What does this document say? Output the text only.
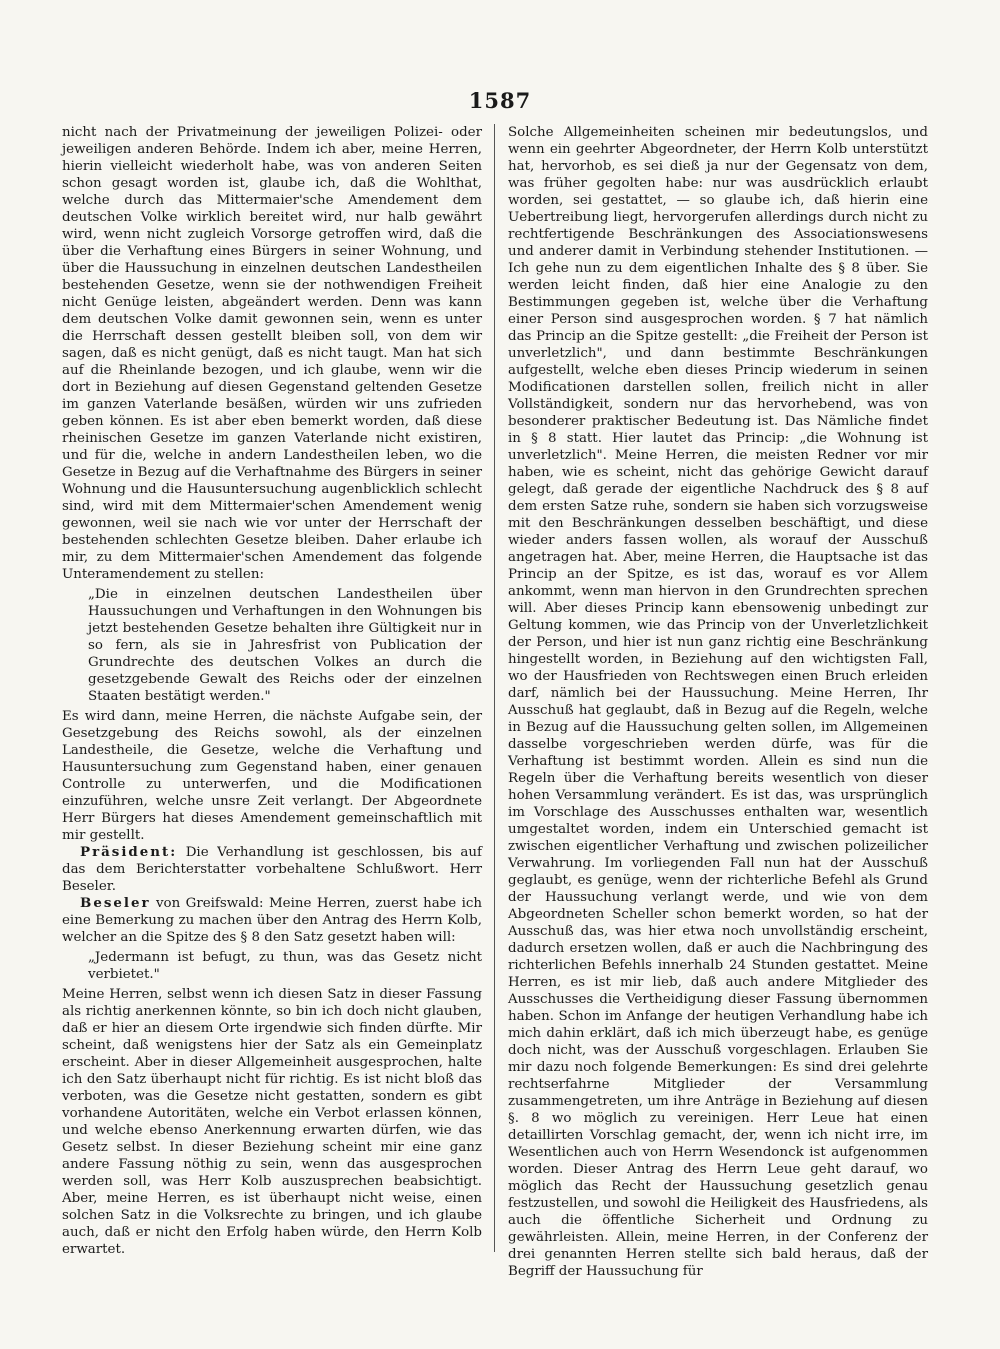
1587

nicht nach der Privatmeinung der jeweiligen Polizei- oder jeweiligen anderen Behörde. Indem ich aber, meine Herren, hierin vielleicht wiederholt habe, was von anderen Seiten schon gesagt worden ist, glaube ich, daß die Wohlthat, welche durch das Mittermaier'sche Amendement dem deutschen Volke wirklich bereitet wird, nur halb gewährt wird, wenn nicht zugleich Vorsorge getroffen wird, daß die über die Verhaftung eines Bürgers in seiner Wohnung, und über die Haussuchung in einzelnen deutschen Landestheilen bestehenden Gesetze, wenn sie der nothwendigen Freiheit nicht Genüge leisten, abgeändert werden. Denn was kann dem deutschen Volke damit gewonnen sein, wenn es unter die Herrschaft dessen gestellt bleiben soll, von dem wir sagen, daß es nicht genügt, daß es nicht taugt. Man hat sich auf die Rheinlande bezogen, und ich glaube, wenn wir die dort in Beziehung auf diesen Gegenstand geltenden Gesetze im ganzen Vaterlande besäßen, würden wir uns zufrieden geben können. Es ist aber eben bemerkt worden, daß diese rheinischen Gesetze im ganzen Vaterlande nicht existiren, und für die, welche in andern Landestheilen leben, wo die Gesetze in Bezug auf die Verhaftnahme des Bürgers in seiner Wohnung und die Hausuntersuchung augenblicklich schlecht sind, wird mit dem Mittermaier'schen Amendement wenig gewonnen, weil sie nach wie vor unter der Herrschaft der bestehenden schlechten Gesetze bleiben. Daher erlaube ich mir, zu dem Mittermaier'schen Amendement das folgende Unteramendement zu stellen:

„Die in einzelnen deutschen Landestheilen über Haussuchungen und Verhaftungen in den Wohnungen bis jetzt bestehenden Gesetze behalten ihre Gültigkeit nur in so fern, als sie in Jahresfrist von Publication der Grundrechte des deutschen Volkes an durch die gesetzgebende Gewalt des Reichs oder der einzelnen Staaten bestätigt werden."

Es wird dann, meine Herren, die nächste Aufgabe sein, der Gesetzgebung des Reichs sowohl, als der einzelnen Landestheile, die Gesetze, welche die Verhaftung und Hausuntersuchung zum Gegenstand haben, einer genauen Controlle zu unterwerfen, und die Modificationen einzuführen, welche unsre Zeit verlangt. Der Abgeordnete Herr Bürgers hat dieses Amendement gemeinschaftlich mit mir gestellt.

Präsident: Die Verhandlung ist geschlossen, bis auf das dem Berichterstatter vorbehaltene Schlußwort. Herr Beseler.

Beseler von Greifswald: Meine Herren, zuerst habe ich eine Bemerkung zu machen über den Antrag des Herrn Kolb, welcher an die Spitze des § 8 den Satz gesetzt haben will:

„Jedermann ist befugt, zu thun, was das Gesetz nicht verbietet."

Meine Herren, selbst wenn ich diesen Satz in dieser Fassung als richtig anerkennen könnte, so bin ich doch nicht glauben, daß er hier an diesem Orte irgendwie sich finden dürfte. Mir scheint, daß wenigstens hier der Satz als ein Gemeinplatz erscheint. Aber in dieser Allgemeinheit ausgesprochen, halte ich den Satz überhaupt nicht für richtig. Es ist nicht bloß das verboten, was die Gesetze nicht gestatten, sondern es gibt vorhandene Autoritäten, welche ein Verbot erlassen können, und welche ebenso Anerkennung erwarten dürfen, wie das Gesetz selbst. In dieser Beziehung scheint mir eine ganz andere Fassung nöthig zu sein, wenn das ausgesprochen werden soll, was Herr Kolb auszusprechen beabsichtigt. Aber, meine Herren, es ist überhaupt nicht weise, einen solchen Satz in die Volksrechte zu bringen, und ich glaube auch, daß er nicht den Erfolg haben würde, den Herrn Kolb erwartet.

Solche Allgemeinheiten scheinen mir bedeutungslos, und wenn ein geehrter Abgeordneter, der Herrn Kolb unterstützt hat, hervorhob, es sei dieß ja nur der Gegensatz von dem, was früher gegolten habe: nur was ausdrücklich erlaubt worden, sei gestattet, — so glaube ich, daß hierin eine Uebertreibung liegt, hervorgerufen allerdings durch nicht zu rechtfertigende Beschränkungen des Associationswesens und anderer damit in Verbindung stehender Institutionen. — Ich gehe nun zu dem eigentlichen Inhalte des § 8 über. Sie werden leicht finden, daß hier eine Analogie zu den Bestimmungen gegeben ist, welche über die Verhaftung einer Person sind ausgesprochen worden. § 7 hat nämlich das Princip an die Spitze gestellt: „die Freiheit der Person ist unverletzlich", und dann bestimmte Beschränkungen aufgestellt, welche eben dieses Princip wiederum in seinen Modificationen darstellen sollen, freilich nicht in aller Vollständigkeit, sondern nur das hervorhebend, was von besonderer praktischer Bedeutung ist. Das Nämliche findet in § 8 statt. Hier lautet das Princip: „die Wohnung ist unverletzlich". Meine Herren, die meisten Redner vor mir haben, wie es scheint, nicht das gehörige Gewicht darauf gelegt, daß gerade der eigentliche Nachdruck des § 8 auf dem ersten Satze ruhe, sondern sie haben sich vorzugsweise mit den Beschränkungen desselben beschäftigt, und diese wieder anders fassen wollen, als worauf der Ausschuß angetragen hat. Aber, meine Herren, die Hauptsache ist das Princip an der Spitze, es ist das, worauf es vor Allem ankommt, wenn man hiervon in den Grundrechten sprechen will. Aber dieses Princip kann ebensowenig unbedingt zur Geltung kommen, wie das Princip von der Unverletzlichkeit der Person, und hier ist nun ganz richtig eine Beschränkung hingestellt worden, in Beziehung auf den wichtigsten Fall, wo der Hausfrieden von Rechtswegen einen Bruch erleiden darf, nämlich bei der Haussuchung. Meine Herren, Ihr Ausschuß hat geglaubt, daß in Bezug auf die Regeln, welche in Bezug auf die Haussuchung gelten sollen, im Allgemeinen dasselbe vorgeschrieben werden dürfe, was für die Verhaftung ist bestimmt worden. Allein es sind nun die Regeln über die Verhaftung bereits wesentlich von dieser hohen Versammlung verändert. Es ist das, was ursprünglich im Vorschlage des Ausschusses enthalten war, wesentlich umgestaltet worden, indem ein Unterschied gemacht ist zwischen eigentlicher Verhaftung und zwischen polizeilicher Verwahrung. Im vorliegenden Fall nun hat der Ausschuß geglaubt, es genüge, wenn der richterliche Befehl als Grund der Haussuchung verlangt werde, und wie von dem Abgeordneten Scheller schon bemerkt worden, so hat der Ausschuß das, was hier etwa noch unvollständig erscheint, dadurch ersetzen wollen, daß er auch die Nachbringung des richterlichen Befehls innerhalb 24 Stunden gestattet. Meine Herren, es ist mir lieb, daß auch andere Mitglieder des Ausschusses die Vertheidigung dieser Fassung übernommen haben. Schon im Anfange der heutigen Verhandlung habe ich mich dahin erklärt, daß ich mich überzeugt habe, es genüge doch nicht, was der Ausschuß vorgeschlagen. Erlauben Sie mir dazu noch folgende Bemerkungen: Es sind drei gelehrte rechtserfahrne Mitglieder der Versammlung zusammengetreten, um ihre Anträge in Beziehung auf diesen §. 8 wo möglich zu vereinigen. Herr Leue hat einen detaillirten Vorschlag gemacht, der, wenn ich nicht irre, im Wesentlichen auch von Herrn Wesendonck ist aufgenommen worden. Dieser Antrag des Herrn Leue geht darauf, wo möglich das Recht der Haussuchung gesetzlich genau festzustellen, und sowohl die Heiligkeit des Hausfriedens, als auch die öffentliche Sicherheit und Ordnung zu gewährleisten. Allein, meine Herren, in der Conferenz der drei genannten Herren stellte sich bald heraus, daß der Begriff der Haussuchung für
